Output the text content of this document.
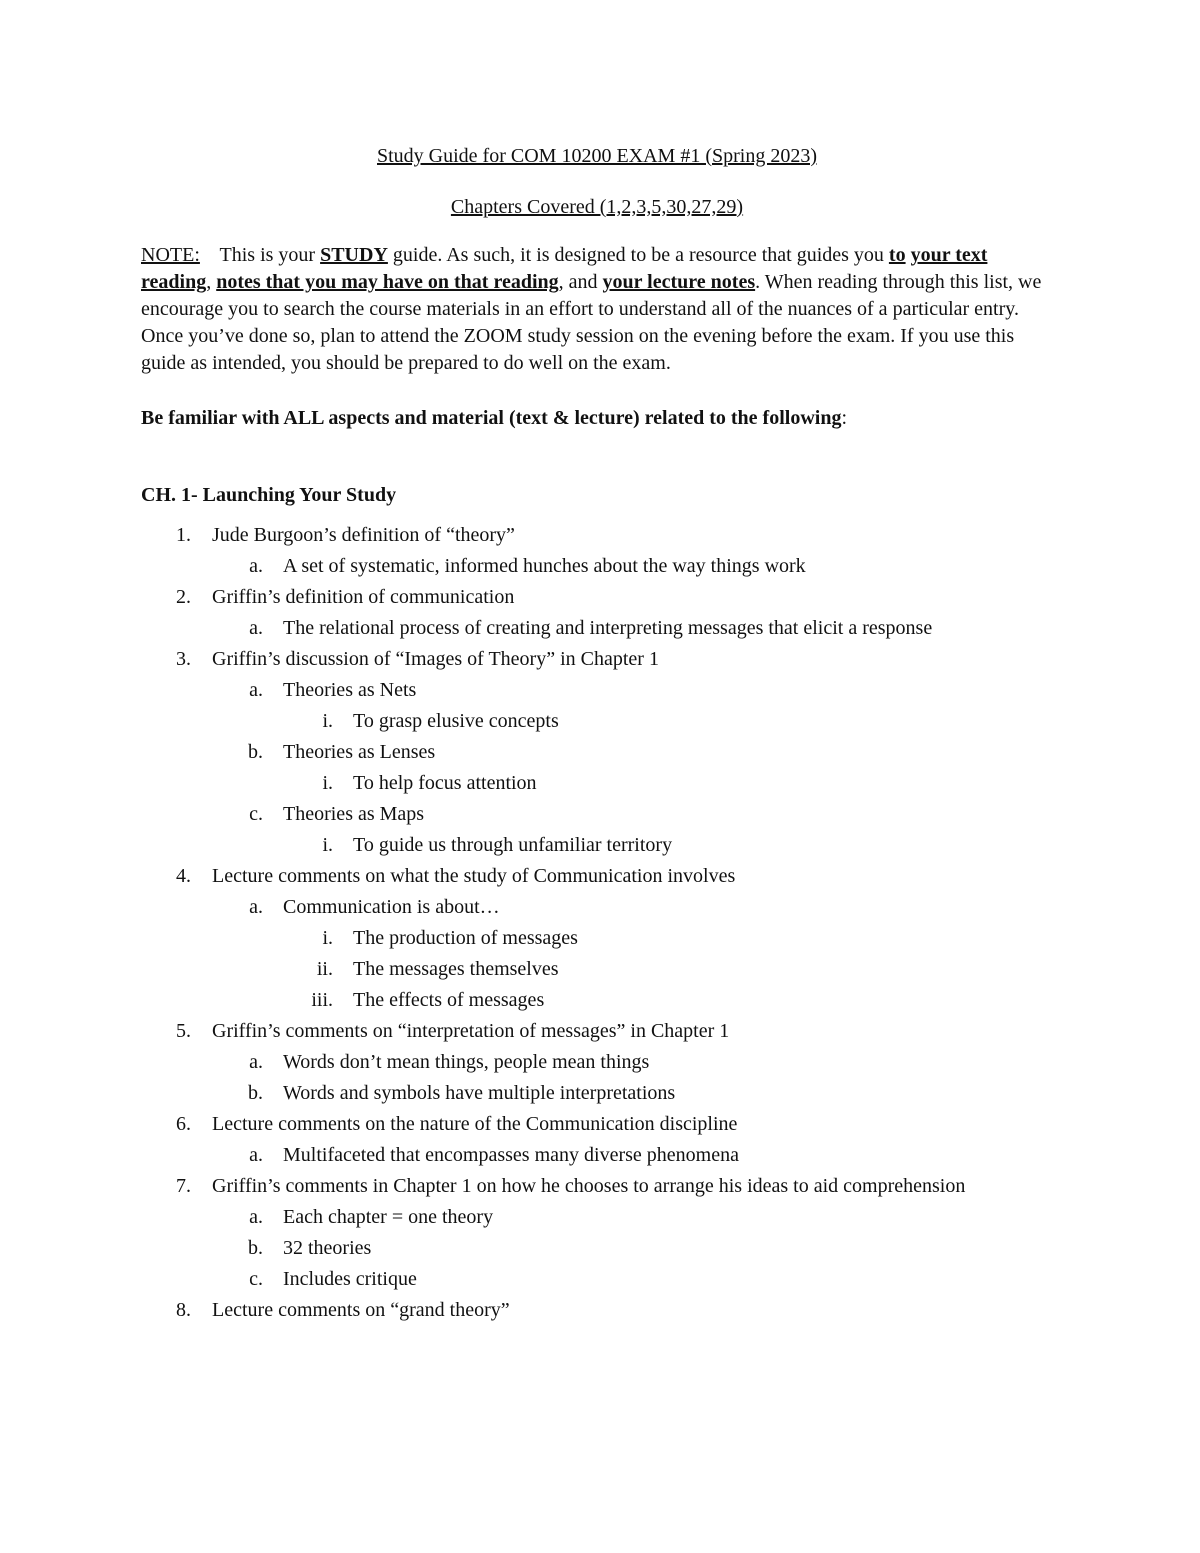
Study Guide for COM 10200 EXAM #1 (Spring 2023)
Chapters Covered (1,2,3,5,30,27,29)

NOTE: This is your STUDY guide. As such, it is designed to be a resource that guides you to your text reading, notes that you may have on that reading, and your lecture notes. When reading through this list, we encourage you to search the course materials in an effort to understand all of the nuances of a particular entry. Once you’ve done so, plan to attend the ZOOM study session on the evening before the exam. If you use this guide as intended, you should be prepared to do well on the exam.

Be familiar with ALL aspects and material (text & lecture) related to the following:

CH. 1- Launching Your Study

1. Jude Burgoon’s definition of “theory”
a. A set of systematic, informed hunches about the way things work
2. Griffin’s definition of communication
a. The relational process of creating and interpreting messages that elicit a response
3. Griffin’s discussion of “Images of Theory” in Chapter 1
a. Theories as Nets
i. To grasp elusive concepts
b. Theories as Lenses
i. To help focus attention
c. Theories as Maps
i. To guide us through unfamiliar territory
4. Lecture comments on what the study of Communication involves
a. Communication is about…
i. The production of messages
ii. The messages themselves
iii. The effects of messages
5. Griffin’s comments on “interpretation of messages” in Chapter 1
a. Words don’t mean things, people mean things
b. Words and symbols have multiple interpretations
6. Lecture comments on the nature of the Communication discipline
a. Multifaceted that encompasses many diverse phenomena
7. Griffin’s comments in Chapter 1 on how he chooses to arrange his ideas to aid comprehension
a. Each chapter = one theory
b. 32 theories
c. Includes critique
8. Lecture comments on “grand theory”
